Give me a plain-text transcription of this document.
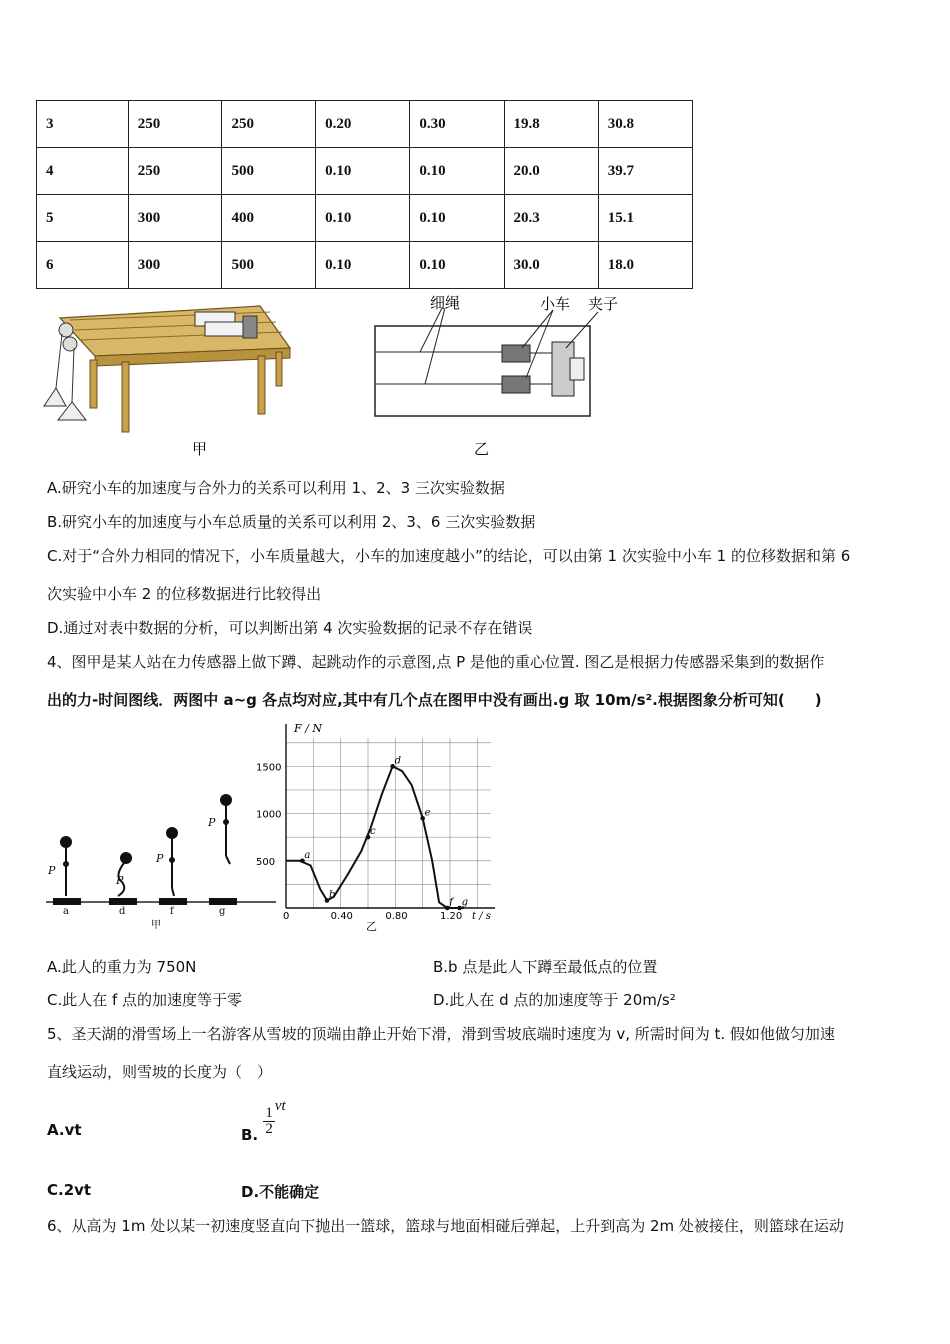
3	250	250	0.20	0.30	19.8	30.8
4	250	500	0.10	0.10	20.0	39.7
5	300	400	0.10	0.10	20.3	15.1
6	300	500	0.10	0.10	30.0	18.0
甲
细绳	小车 夹子
乙
A.研究小车的加速度与合外力的关系可以利用 1、2、3 三次实验数据
B.研究小车的加速度与小车总质量的关系可以利用 2、3、6 三次实验数据
C.对于“合外力相同的情况下，小车质量越大，小车的加速度越小”的结论，可以由第 1 次实验中小车 1 的位移数据和第 6
次实验中小车 2 的位移数据进行比较得出
D.通过对表中数据的分析，可以判断出第 4 次实验数据的记录不存在错误
4、图甲是某人站在力传感器上做下蹲、起跳动作的示意图,点 P 是他的重心位置. 图乙是根据力传感器采集到的数据作
出的力-时间图线．两图中 a~g 各点均对应,其中有几个点在图甲中没有画出.g 取 10m/s².根据图象分析可知(　　)
P
P
P
P
a	d	f	g
甲
0	0.40	0.80	1.20
500
1000
1500
a
b
c
d
e
f g
F / N
t / s
乙
A.此人的重力为 750N	B.b 点是此人下蹲至最低点的位置
C.此人在 f 点的加速度等于零	D.此人在 d 点的加速度等于 20m/s²
5、圣天湖的滑雪场上一名游客从雪坡的顶端由静止开始下滑，滑到雪坡底端时速度为 v, 所需时间为 t. 假如他做匀加速
直线运动，则雪坡的长度为（　）
A.vt	B. $\frac{1}{2}$ vt
C.2vt	D.不能确定
6、从高为 1m 处以某一初速度竖直向下抛出一篮球，篮球与地面相碰后弹起，上升到高为 2m 处被接住，则篮球在运动
